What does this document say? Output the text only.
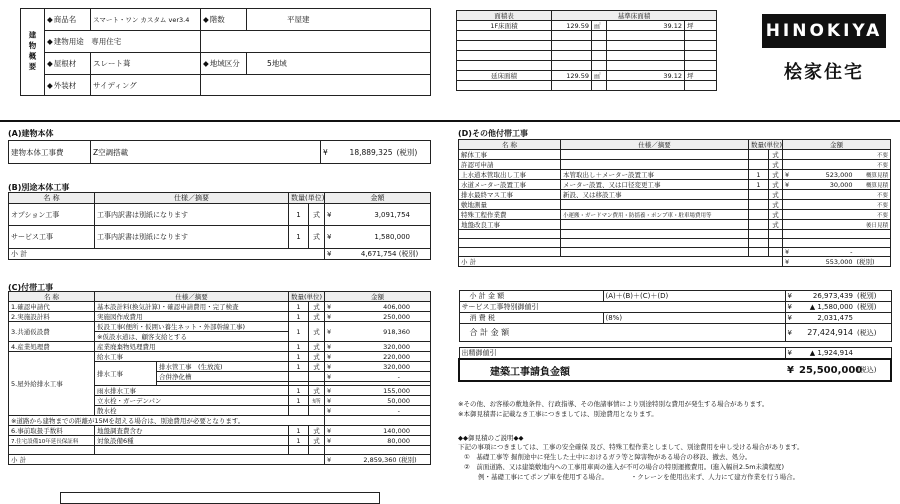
建物概要	◆ 商品名	スマート・ワン カスタム ver3.4	◆ 階数	平屋建
	◆ 建物用途　 専用住宅	
	◆ 屋根材	スレート葺	◆ 地域区分	5地域
	◆ 外装材	サイディング		
面積表	基準床面積			
1F床面積	129.59	㎡	39.12	坪

延床面積	129.59	㎡	39.12	坪

HINOKIYA
桧家住宅
(A)建物本体
建物本体工事費	Z空調搭載	¥	18,889,325	(税別)
(B)別途本体工事
名 称	仕様／摘要	数量(単位)		金額	
オプション工事	工事内訳書は別紙になります	1	式	¥	3,091,754
サービス工事	工事内訳書は別紙になります	1	式	¥	1,580,000
小 計				¥	4,671,754 (税別)
(C)付帯工事
名 称	仕様／摘要		数量(単位)		金額	
1.確認申請代	基本設計料(換気計算)・確認申請費用・完了検査		1	式	¥	406,000
2.実施設計料	実施図作成費用		1	式	¥	250,000
3.共通仮設費	仮設工事(便所・仮囲い養生ネット・外部幹線工事)		1	式	¥	918,360
	※仮設水道は、顧客支給とする					
4.産業処理費	産業廃棄物処理費用		1	式	¥	320,000
5.屋外給排水工事	給水工事		1	式	¥	220,000
	排水工事	排水管工事　 (生放流)	1	式	¥	320,000
		合併浄化槽			¥	-

	雨水排水工事		1	式	¥	155,000
	立水栓・ガーデンパン		1	ｶ所	¥	50,000
	散水栓				¥	-
※道路から建物までの距離が15Mを超える場合は、別途費用が必要となります。						
6.事前取扱手数料	地盤調査費含む		1	式	¥	140,000
7.住宅設備10年延長保証料	対象設備6種		1	式	¥	80,000

小 計					¥	2,859,360 (税別)
(D)その他付帯工事
名 称	仕様／摘要	数量(単位)		金額		
解体工事			式			不要
許認可申請			式			不要
上水道本管取出し工事	本管取出し＋メーター設置工事	1	式	¥	523,000	概算見積
水道メーター設置工事	メーター設置、又は口径変更工事	1	式	¥	30,000	概算見積
排水最終マス工事	新設、又は移設工事		式			不要
敷地測量			式			不要
特殊工程作業費	小運搬・ガードマン費用・防揺養・ポンプ車・駐車場費用等		式			不要
地盤改良工事			式			後日見積

				¥	-	
小 計				¥	553,000	(税別)
小 計 金 額	(A)＋(B)＋(C)＋(D)	¥	26,973,439	(税別)
サービス工事特別御値引		¥	▲ 1,580,000	(税別)
消 費 税	(8%)	¥	2,031,475	
合 計 金 額		¥	27,424,914	(税込)

出精御値引		¥	▲ 1,924,914	
建築工事請負金額		¥	25,500,000	(税込)
※その他、お客様の敷地条件、行政指導、その他諸事情により別途特別な費用が発生する場合があります。
※本御見積書に記載なき工事につきましては、別途費用となります。
◆◆御見積のご説明◆◆
下記の事項につきましては、工事の安全確保 及び、特殊工程作業としまして、別途費用を申し受ける場合があります。
①　基礎工事等 掘削途中に発生した土中におけるガラ等と障害物がある場合の移設、撤去、処分。
②　前面道路、又は建築敷地内への工事用車両の進入が不可の場合の特別運搬費用。(進入幅員2.5m未満程度)
例・基礎工事にてポンプ車を使用する場合。　　　　・クレーンを使用出来ず、人力にて建方作業を行う場合。
